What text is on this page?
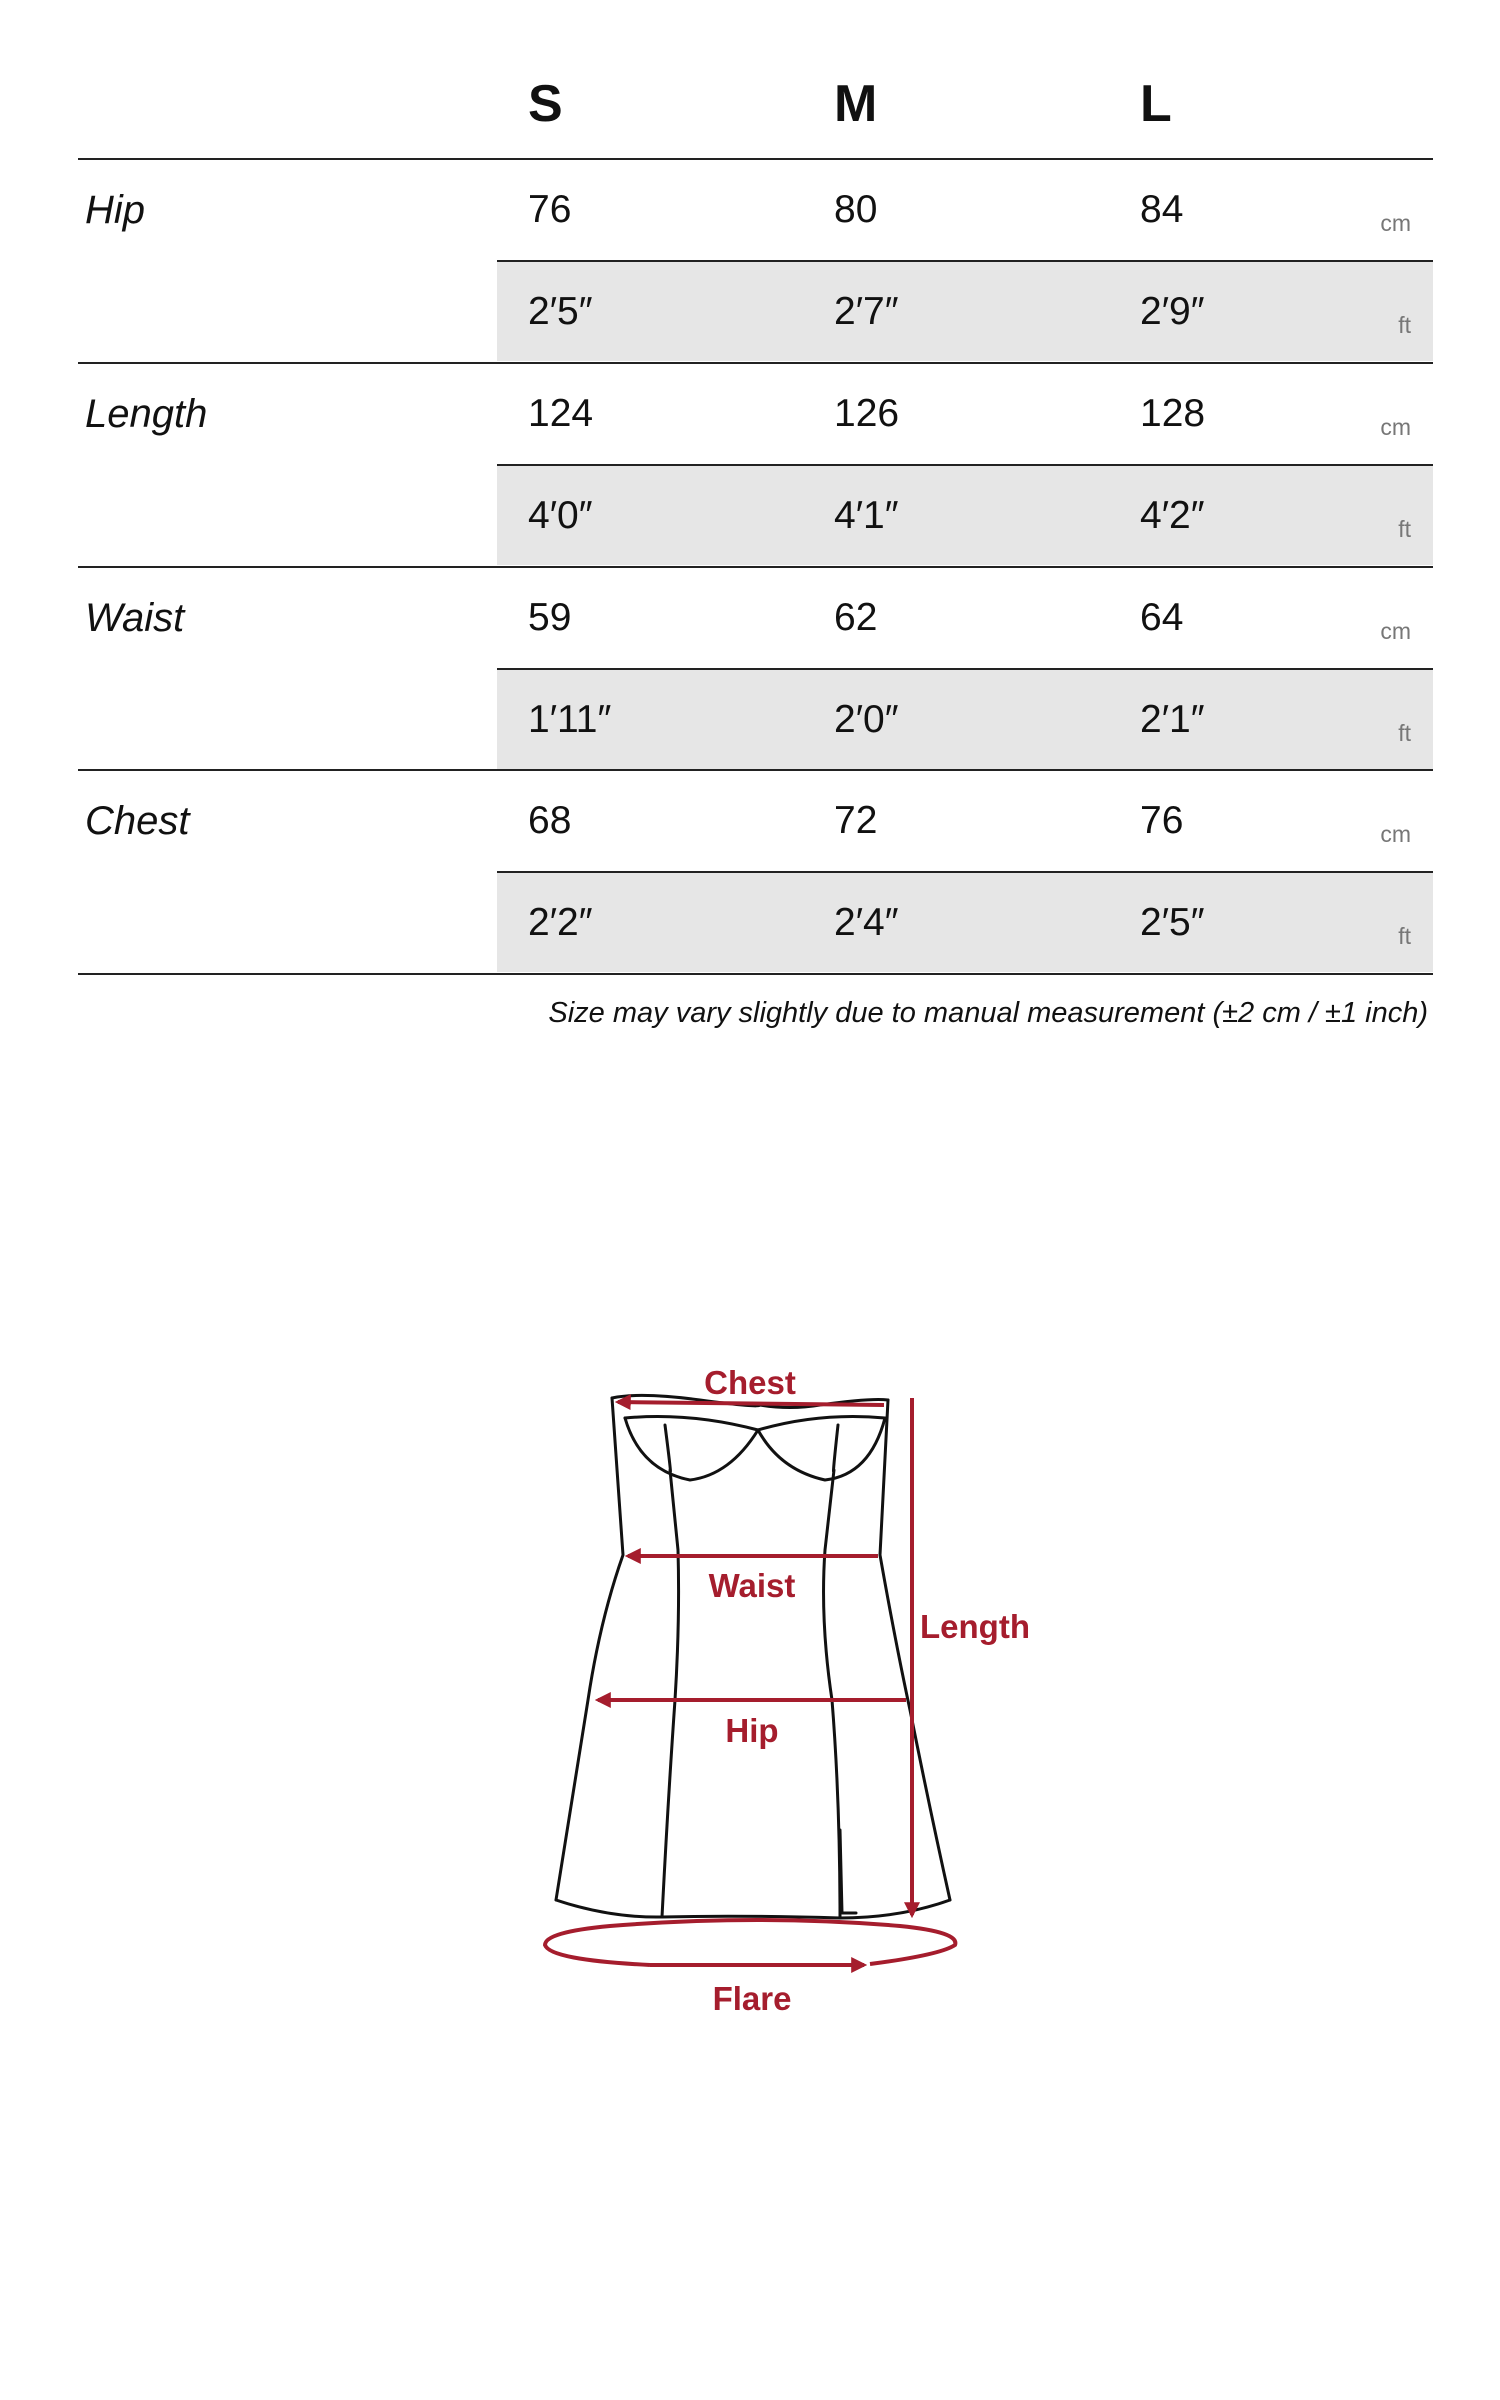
S	M	L
Hip	76	80	84	cm
2′5″	2′7″	2′9″	ft
Length	124	126	128	cm
4′0″	4′1″	4′2″	ft
Waist	59	62	64	cm
1′11″	2′0″	2′1″	ft
Chest	68	72	76	cm
2′2″	2′4″	2′5″	ft
Size may vary slightly due to manual measurement (±2 cm / ±1 inch)
Chest
Length
Waist
Hip
Flare
